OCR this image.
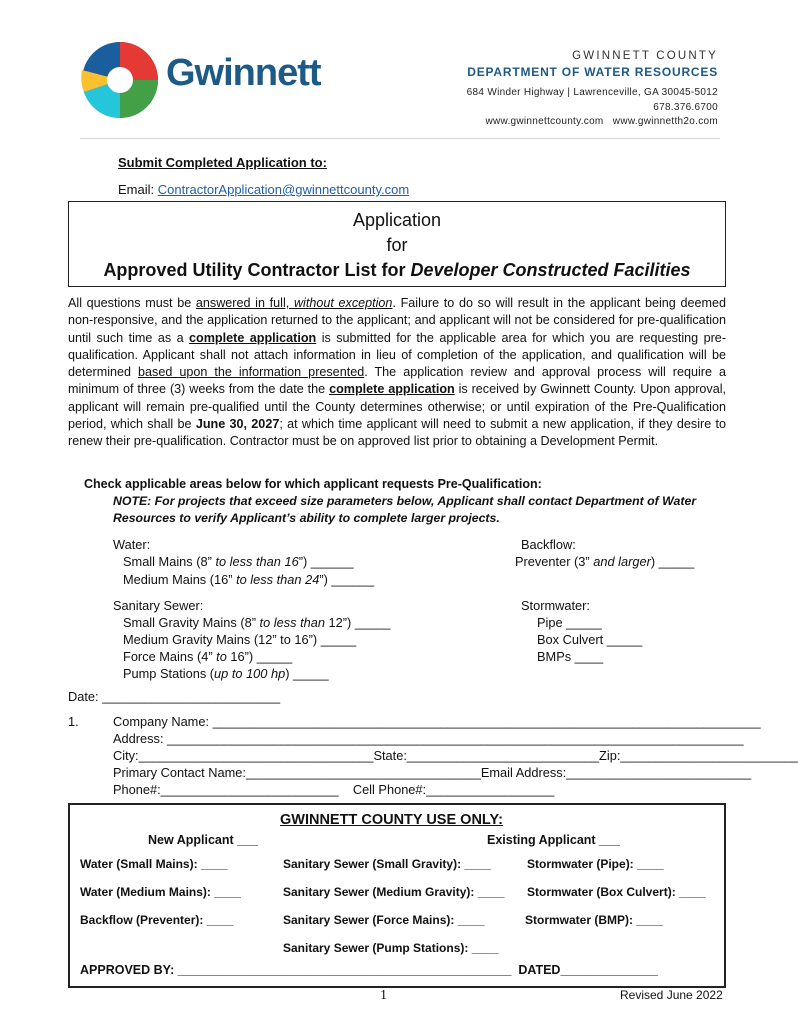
Gwinnett	GWINNETT COUNTY
DEPARTMENT OF WATER RESOURCES
684 Winder Highway | Lawrenceville, GA 30045-5012
678.376.6700
www.gwinnettcounty.com   www.gwinnetth2o.com
Submit Completed Application to:
Email: ContractorApplication@gwinnettcounty.com
Application
for
Approved Utility Contractor List for Developer Constructed Facilities
All questions must be answered in full, without exception. Failure to do so will result in the applicant being deemed non-responsive, and the application returned to the applicant; and applicant will not be considered for pre-qualification until such time as a complete application is submitted for the applicable area for which you are requesting pre-qualification. Applicant shall not attach information in lieu of completion of the application, and qualification will be determined based upon the information presented. The application review and approval process will require a minimum of three (3) weeks from the date the complete application is received by Gwinnett County. Upon approval, applicant will remain pre-qualified until the County determines otherwise; or until expiration of the Pre-Qualification period, which shall be June 30, 2027; at which time applicant will need to submit a new application, if they desire to renew their pre-qualification. Contractor must be on approved list prior to obtaining a Development Permit.
Check applicable areas below for which applicant requests Pre-Qualification:
NOTE: For projects that exceed size parameters below, Applicant shall contact Department of Water Resources to verify Applicant’s ability to complete larger projects.
Water:
Small Mains (8” to less than 16”) ______
Medium Mains (16” to less than 24”) ______
Backflow:
Preventer (3” and larger) _____
Sanitary Sewer:
Small Gravity Mains (8” to less than 12”) _____
Medium Gravity Mains (12” to 16”) _____
Force Mains (4” to 16”) _____
Pump Stations (up to 100 hp) _____
Stormwater:
Pipe _____
Box Culvert _____
BMPs ____
Date: _________________________
1.	Company Name: _____________________________________________________________________________
Address: _________________________________________________________________________________
City:_________________________________State:___________________________Zip:_________________________
Primary Contact Name:_________________________________Email Address:__________________________
Phone#:_________________________    Cell Phone#:__________________
GWINNETT COUNTY USE ONLY:
New Applicant ___	Existing Applicant ___
Water (Small Mains): ____	Sanitary Sewer (Small Gravity): ____	Stormwater (Pipe): ____
Water (Medium Mains): ____	Sanitary Sewer (Medium Gravity): ____ Stormwater (Box Culvert): ____
Backflow (Preventer): ____	Sanitary Sewer (Force Mains): ____	Stormwater (BMP): ____
Sanitary Sewer (Pump Stations): ____
APPROVED BY: ________________________________________________  DATED______________
1	Revised June 2022
